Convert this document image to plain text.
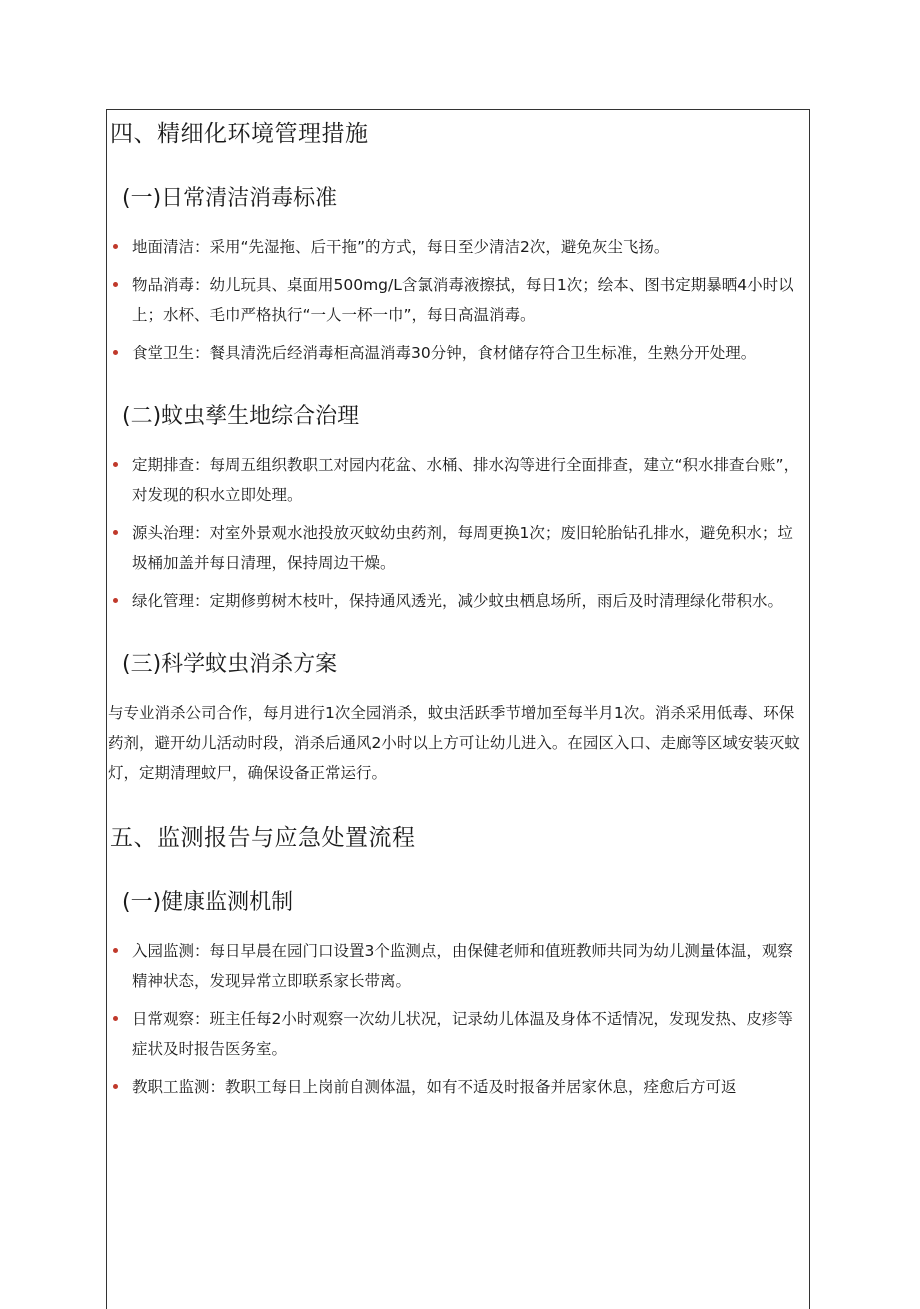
四、精细化环境管理措施
(一)日常清洁消毒标准
地面清洁：采用“先湿拖、后干拖”的方式，每日至少清洁2次，避免灰尘飞扬。
物品消毒：幼儿玩具、桌面用500mg/L含氯消毒液擦拭，每日1次；绘本、图书定期暴晒4小时以上；水杯、毛巾严格执行“一人一杯一巾”，每日高温消毒。
食堂卫生：餐具清洗后经消毒柜高温消毒30分钟，食材储存符合卫生标准，生熟分开处理。
(二)蚊虫孳生地综合治理
定期排查：每周五组织教职工对园内花盆、水桶、排水沟等进行全面排查，建立“积水排查台账”，对发现的积水立即处理。
源头治理：对室外景观水池投放灭蚊幼虫药剂，每周更换1次；废旧轮胎钻孔排水，避免积水；垃圾桶加盖并每日清理，保持周边干燥。
绿化管理：定期修剪树木枝叶，保持通风透光，减少蚊虫栖息场所，雨后及时清理绿化带积水。
(三)科学蚊虫消杀方案

与专业消杀公司合作，每月进行1次全园消杀，蚊虫活跃季节增加至每半月1次。消杀采用低毒、环保药剂，避开幼儿活动时段，消杀后通风2小时以上方可让幼儿进入。在园区入口、走廊等区域安装灭蚊灯，定期清理蚊尸，确保设备正常运行。

五、监测报告与应急处置流程
(一)健康监测机制
入园监测：每日早晨在园门口设置3个监测点，由保健老师和值班教师共同为幼儿测量体温，观察精神状态，发现异常立即联系家长带离。
日常观察：班主任每2小时观察一次幼儿状况，记录幼儿体温及身体不适情况，发现发热、皮疹等症状及时报告医务室。
教职工监测：教职工每日上岗前自测体温，如有不适及时报备并居家休息，痊愈后方可返
